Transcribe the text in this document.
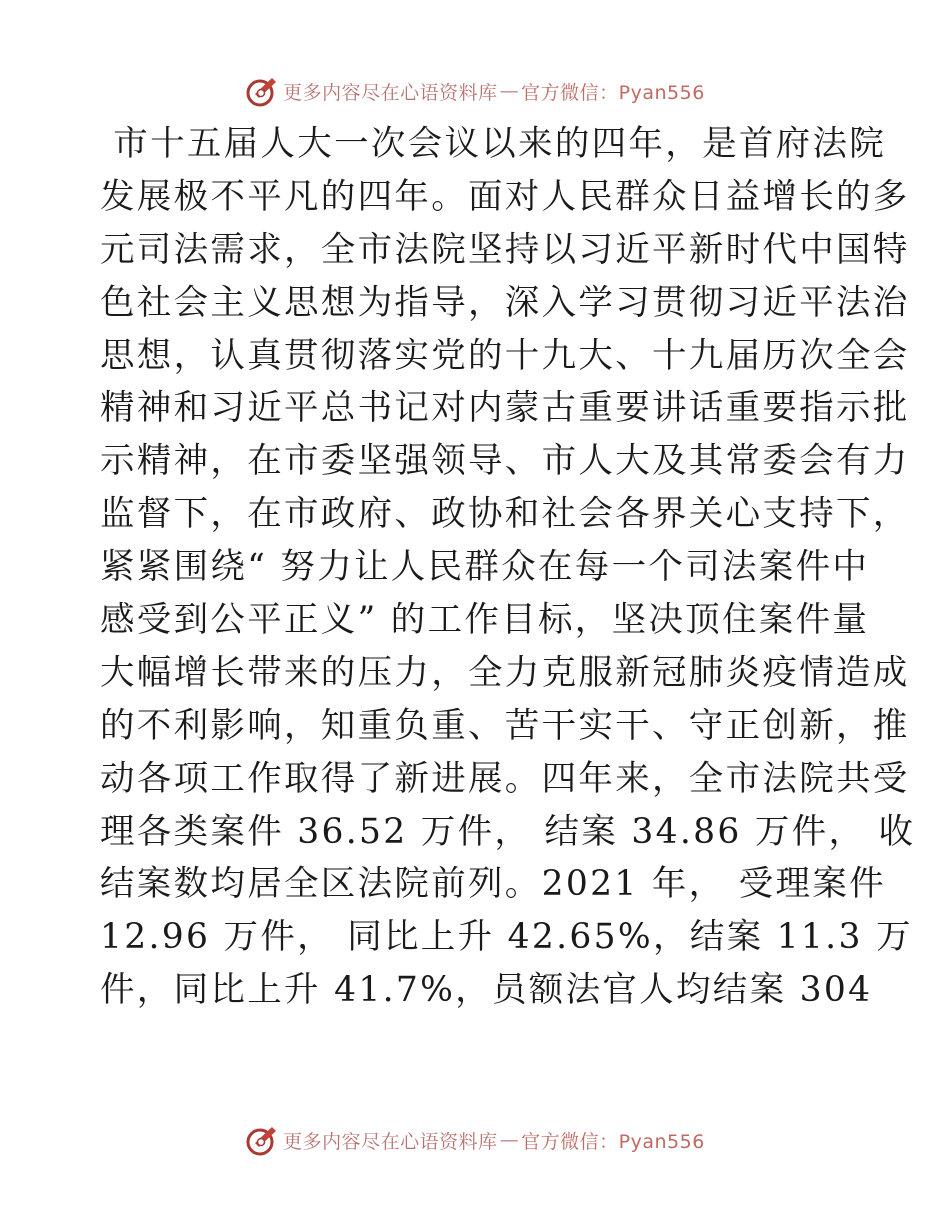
更多内容尽在心语资料库 — 官方微信：Pyan556
市十五届人大一次会议以来的四年，是首府法院
发展极不平凡的四年。面对人民群众日益增长的多
元司法需求，全市法院坚持以习近平新时代中国特
色社会主义思想为指导，深入学习贯彻习近平法治
思想，认真贯彻落实党的十九大、十九届历次全会
精神和习近平总书记对内蒙古重要讲话重要指示批
示精神，在市委坚强领导、市人大及其常委会有力
监督下，在市政府、政协和社会各界关心支持下，
紧紧围绕“ 努力让人民群众在每一个司法案件中
感受到公平正义” 的工作目标，坚决顶住案件量
大幅增长带来的压力，全力克服新冠肺炎疫情造成
的不利影响，知重负重、苦干实干、守正创新，推
动各项工作取得了新进展。四年来，全市法院共受
理各类案件 36.52 万件， 结案 34.86 万件， 收
结案数均居全区法院前列。2021 年， 受理案件
12.96 万件， 同比上升 42.65%，结案 11.3 万
件，同比上升 41.7%，员额法官人均结案 304
更多内容尽在心语资料库 — 官方微信：Pyan556
